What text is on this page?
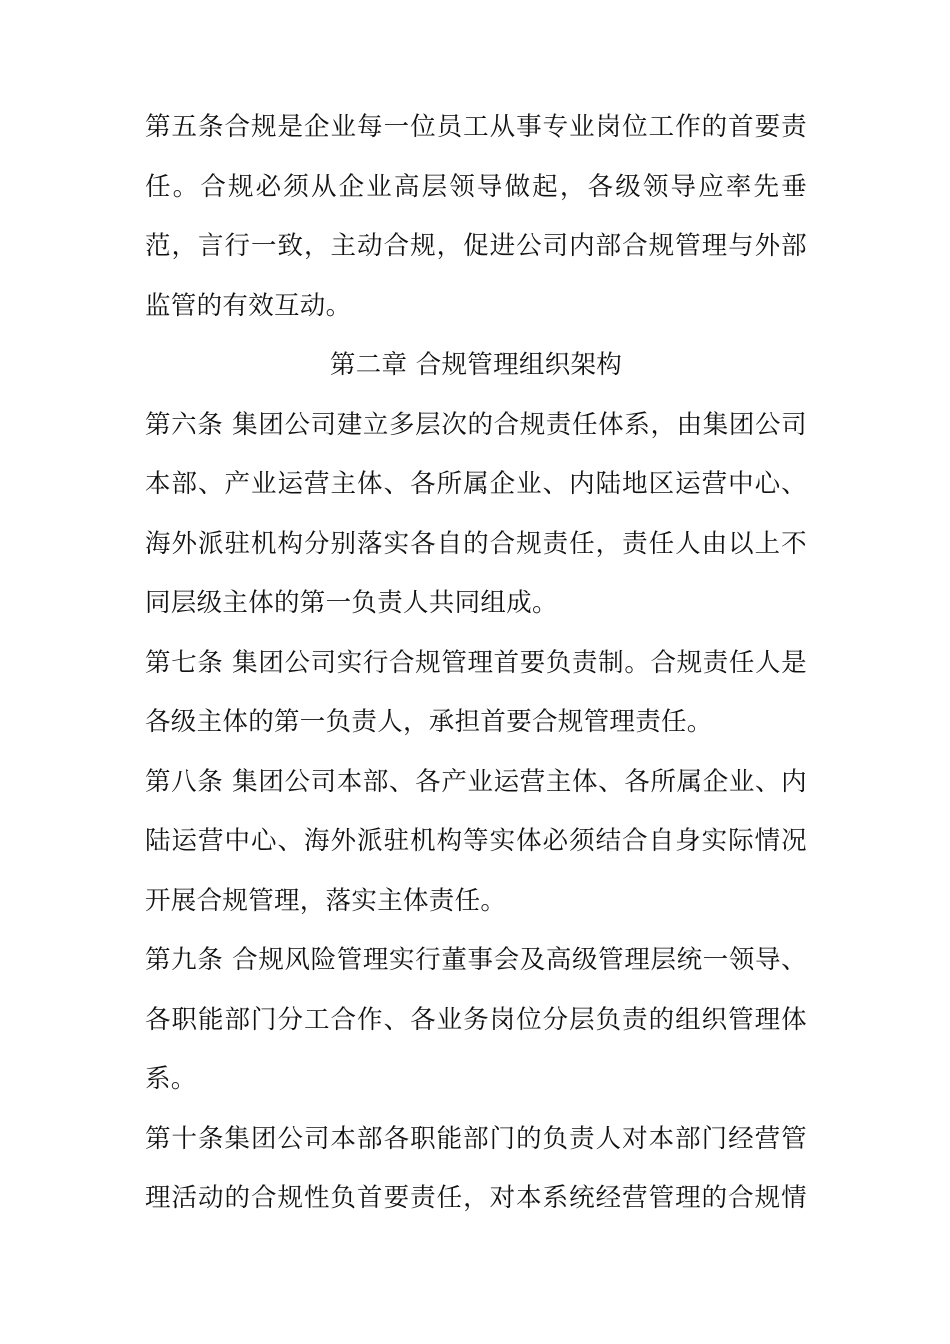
第五条合规是企业每一位员工从事专业岗位工作的首要责
任。合规必须从企业高层领导做起，各级领导应率先垂
范，言行一致，主动合规，促进公司内部合规管理与外部
监管的有效互动。
第二章 合规管理组织架构
第六条 集团公司建立多层次的合规责任体系，由集团公司
本部、产业运营主体、各所属企业、内陆地区运营中心、
海外派驻机构分别落实各自的合规责任，责任人由以上不
同层级主体的第一负责人共同组成。
第七条 集团公司实行合规管理首要负责制。合规责任人是
各级主体的第一负责人，承担首要合规管理责任。
第八条 集团公司本部、各产业运营主体、各所属企业、内
陆运营中心、海外派驻机构等实体必须结合自身实际情况
开展合规管理，落实主体责任。
第九条 合规风险管理实行董事会及高级管理层统一领导、
各职能部门分工合作、各业务岗位分层负责的组织管理体
系。
第十条集团公司本部各职能部门的负责人对本部门经营管
理活动的合规性负首要责任，对本系统经营管理的合规情
